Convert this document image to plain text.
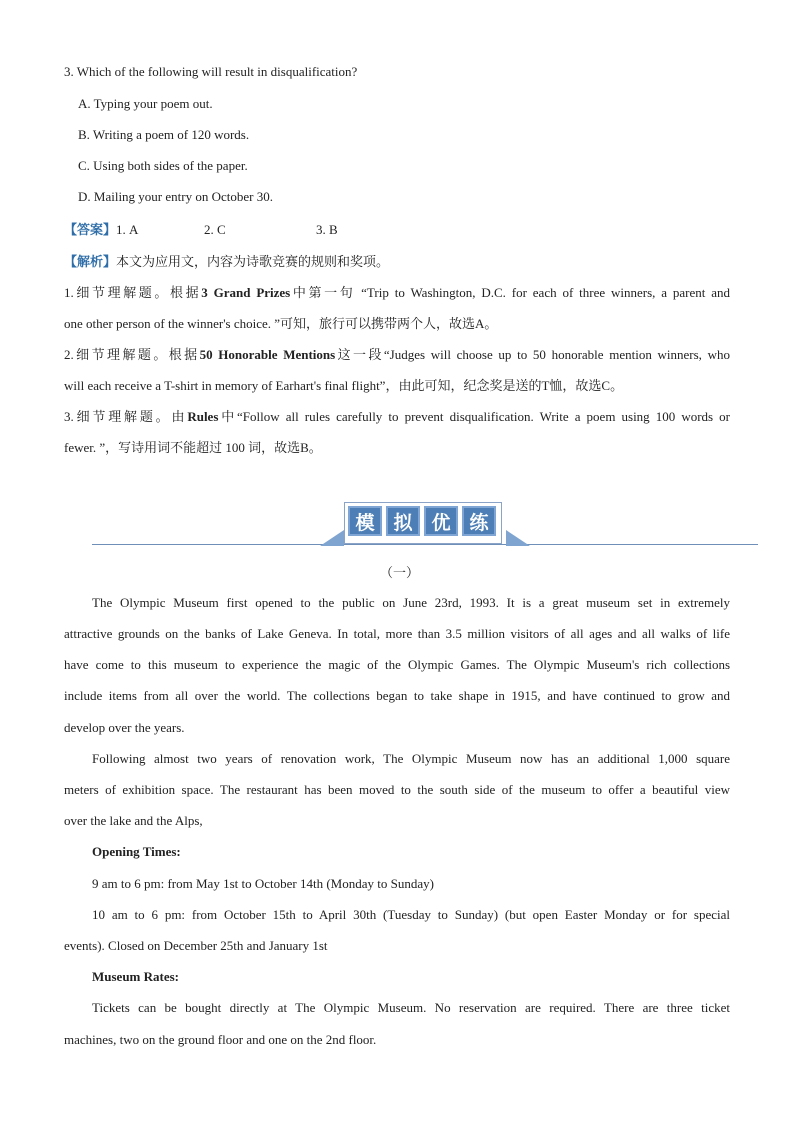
3. Which of the following will result in disqualification?
A. Typing your poem out.
B. Writing a poem of 120 words.
C. Using both sides of the paper.
D. Mailing your entry on October 30.
【答案】1. A	2. C	3. B
【解析】本文为应用文，内容为诗歌竞赛的规则和奖项。
1.细节理解题。根据3 Grand Prizes中第一句 “Trip to Washington, D.C. for each of three winners, a parent and
one other person of the winner's choice. ”可知，旅行可以携带两个人，故选A。
2.细节理解题。根据50 Honorable Mentions这一段“Judges will choose up to 50 honorable mention winners, who
will each receive a T-shirt in memory of Earhart's final flight”，由此可知，纪念奖是送的T恤，故选C。
3.细节理解题。由Rules中“Follow all rules carefully to prevent disqualification. Write a poem using 100 words or
fewer. ”，写诗用词不能超过 100 词，故选B。
模 拟 优 练
（一）
The Olympic Museum first opened to the public on June 23rd, 1993. It is a great museum set in extremely
attractive grounds on the banks of Lake Geneva. In total, more than 3.5 million visitors of all ages and all walks of life
have come to this museum to experience the magic of the Olympic Games. The Olympic Museum's rich collections
include items from all over the world. The collections began to take shape in 1915, and have continued to grow and
develop over the years.
Following almost two years of renovation work, The Olympic Museum now has an additional 1,000 square
meters of exhibition space. The restaurant has been moved to the south side of the museum to offer a beautiful view
over the lake and the Alps,
Opening Times:
9 am to 6 pm: from May 1st to October 14th (Monday to Sunday)
10 am to 6 pm: from October 15th to April 30th (Tuesday to Sunday) (but open Easter Monday or for special
events). Closed on December 25th and January 1st
Museum Rates:
Tickets can be bought directly at The Olympic Museum. No reservation are required. There are three ticket
machines, two on the ground floor and one on the 2nd floor.
